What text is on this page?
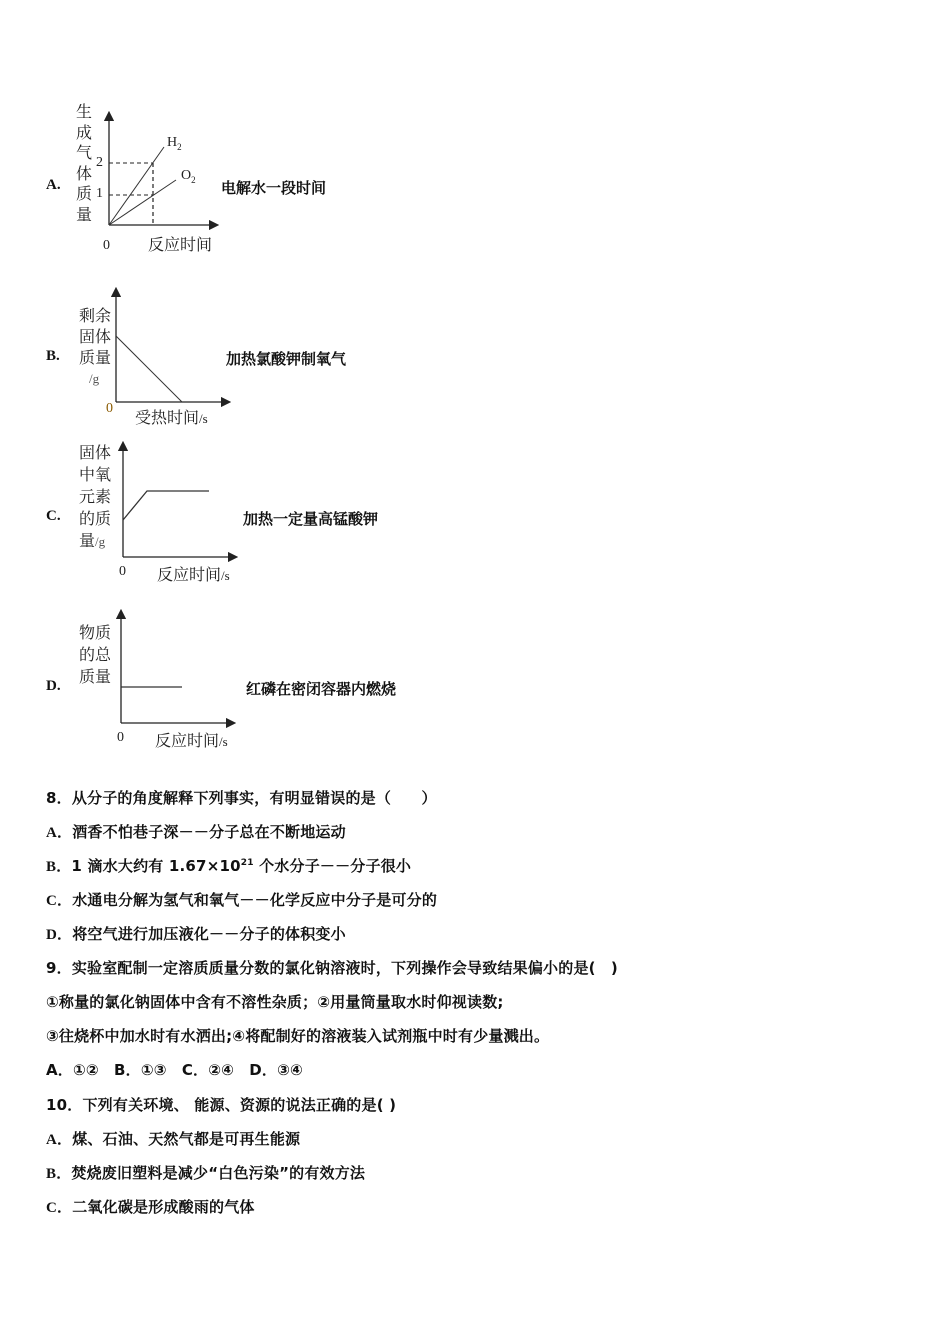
A.
生
成
气
体
质
量
2
1
$H_2$
$O_2$
0 反应时间
电解水一段时间
B.
剩余
固体
质量
/g
0 受热时间/s
加热氯酸钾制氧气
C.
固体
中氧
元素
的质
量/g
0 反应时间/s
加热一定量高锰酸钾
D.
物质
的总
质量
0 反应时间/s
红磷在密闭容器内燃烧
8．从分子的角度解释下列事实，有明显错误的是（　　）
A．酒香不怕巷子深－－分子总在不断地运动
B．1 滴水大约有 $1.67\times 10^{21}$ 个水分子－－分子很小
C．水通电分解为氢气和氧气－－化学反应中分子是可分的
D．将空气进行加压液化－－分子的体积变小
9．实验室配制一定溶质质量分数的氯化钠溶液时，下列操作会导致结果偏小的是(　)
①称量的氯化钠固体中含有不溶性杂质；②用量筒量取水时仰视读数;
③往烧杯中加水时有水洒出;④将配制好的溶液装入试剂瓶中时有少量溅出。
A．①②　B．①③　C．②④　D．③④
10．下列有关环境、 能源、资源的说法正确的是( )
A．煤、石油、天然气都是可再生能源
B．焚烧废旧塑料是减少“白色污染”的有效方法
C．二氧化碳是形成酸雨的气体
